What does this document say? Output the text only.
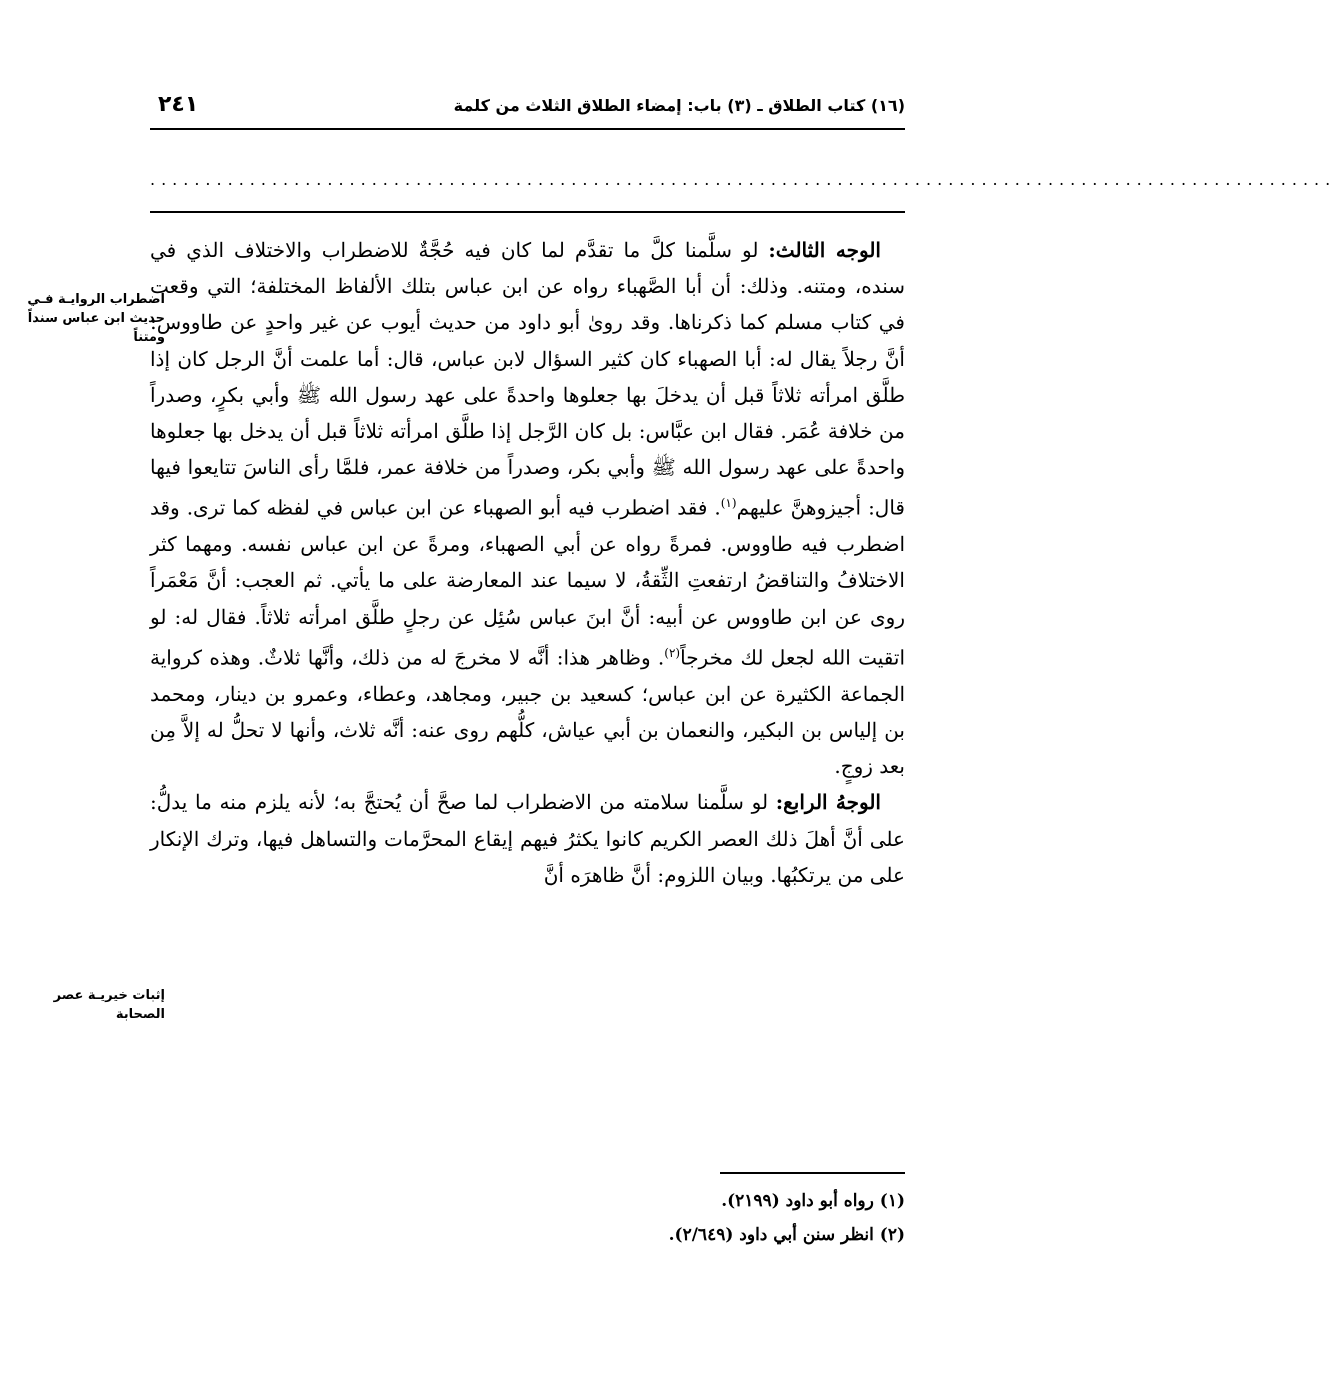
(١٦) كتاب الطلاق ـ (٣) باب: إمضاء الطلاق الثلاث من كلمة
٢٤١
...........................................................................................................

الوجه الثالث: لو سلَّمنا كلَّ ما تقدَّم لما كان فيه حُجَّةٌ للاضطراب والاختلاف الذي في سنده، ومتنه. وذلك: أن أبا الصَّهباء رواه عن ابن عباس بتلك الألفاظ المختلفة؛ التي وقعت في كتاب مسلم كما ذكرناها. وقد روىٰ أبو داود من حديث أيوب عن غير واحدٍ عن طاووس: أنَّ رجلاً يقال له: أبا الصهباء كان كثير السؤال لابن عباس، قال: أما علمت أنَّ الرجل كان إذا طلَّق امرأته ثلاثاً قبل أن يدخلَ بها جعلوها واحدةً على عهد رسول الله ﷺ وأبي بكرٍ، وصدراً من خلافة عُمَر. فقال ابن عبَّاس: بل كان الرَّجل إذا طلَّق امرأته ثلاثاً قبل أن يدخل بها جعلوها واحدةً على عهد رسول الله ﷺ وأبي بكر، وصدراً من خلافة عمر، فلمَّا رأى الناسَ تتايعوا فيها قال: أجيزوهنَّ عليهم$^{(١)}$. فقد اضطرب فيه أبو الصهباء عن ابن عباس في لفظه كما ترى. وقد اضطرب فيه طاووس. فمرةً رواه عن أبي الصهباء، ومرةً عن ابن عباس نفسه. ومهما كثر الاختلافُ والتناقضُ ارتفعتِ الثِّقةُ، لا سيما عند المعارضة على ما يأتي. ثم العجب: أنَّ مَعْمَراً روى عن ابن طاووس عن أبيه: أنَّ ابنَ عباس سُئِل عن رجلٍ طلَّق امرأته ثلاثاً. فقال له: لو اتقيت الله لجعل لك مخرجاً$^{(٢)}$. وظاهر هذا: أنَّه لا مخرجَ له من ذلك، وأنَّها ثلاثٌ. وهذه كرواية الجماعة الكثيرة عن ابن عباس؛ كسعيد بن جبير، ومجاهد، وعطاء، وعمرو بن دينار، ومحمد بن إلياس بن البكير، والنعمان بن أبي عياش، كلُّهم روى عنه: أنَّه ثلاث، وأنها لا تحلُّ له إلاَّ مِن بعد زوجٍ.

الوجهُ الرابع: لو سلَّمنا سلامته من الاضطراب لما صحَّ أن يُحتجَّ به؛ لأنه يلزم منه ما يدلُّ: على أنَّ أهلَ ذلك العصر الكريم كانوا يكثرُ فيهم إيقاع المحرَّمات والتساهل فيها، وترك الإنكار على من يرتكبُها. وبيان اللزوم: أنَّ ظاهرَه أنَّ

اضطراب الروايـة فـي حديث ابن عباس سنداً ومتناً
إثبات خيريـة عصر الصحابة

(١) رواه أبو داود (٢١٩٩).

(٢) انظر سنن أبي داود (٢/٦٤٩).
